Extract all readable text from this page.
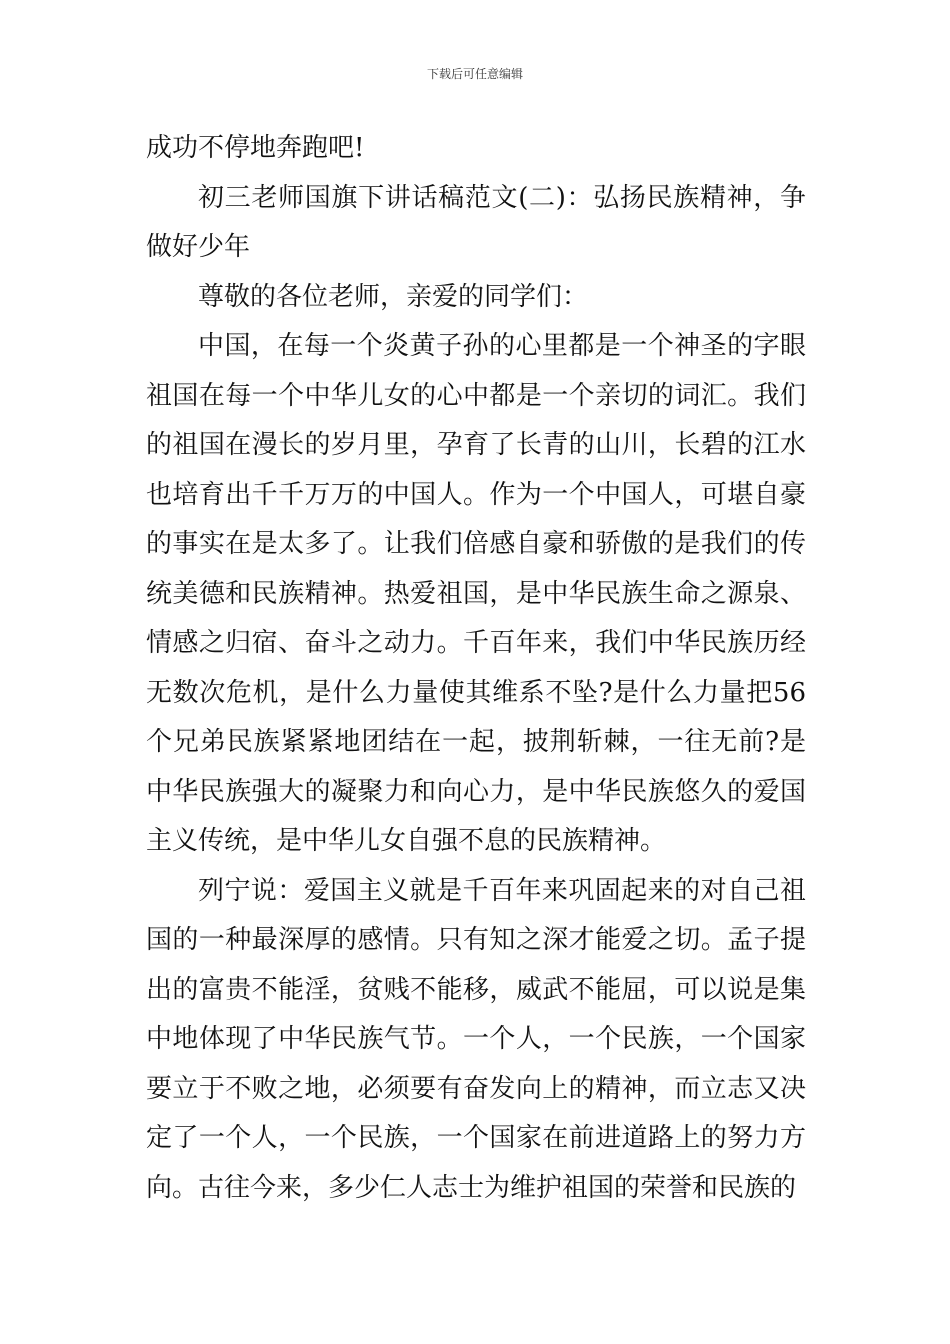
下载后可任意编辑

成功不停地奔跑吧!

初三老师国旗下讲话稿范文(二)：弘扬民族精神，争做好少年

尊敬的各位老师，亲爱的同学们：

中国，在每一个炎黄子孙的心里都是一个神圣的字眼祖国在每一个中华儿女的心中都是一个亲切的词汇。我们的祖国在漫长的岁月里，孕育了长青的山川，长碧的江水也培育出千千万万的中国人。作为一个中国人，可堪自豪的事实在是太多了。让我们倍感自豪和骄傲的是我们的传统美德和民族精神。热爱祖国，是中华民族生命之源泉、情感之归宿、奋斗之动力。千百年来，我们中华民族历经无数次危机，是什么力量使其维系不坠?是什么力量把56个兄弟民族紧紧地团结在一起，披荆斩棘，一往无前?是中华民族强大的凝聚力和向心力，是中华民族悠久的爱国主义传统，是中华儿女自强不息的民族精神。

列宁说：爱国主义就是千百年来巩固起来的对自己祖国的一种最深厚的感情。只有知之深才能爱之切。孟子提出的富贵不能淫，贫贱不能移，威武不能屈，可以说是集中地体现了中华民族气节。一个人，一个民族，一个国家要立于不败之地，必须要有奋发向上的精神，而立志又决定了一个人，一个民族，一个国家在前进道路上的努力方向。古往今来，多少仁人志士为维护祖国的荣誉和民族的
